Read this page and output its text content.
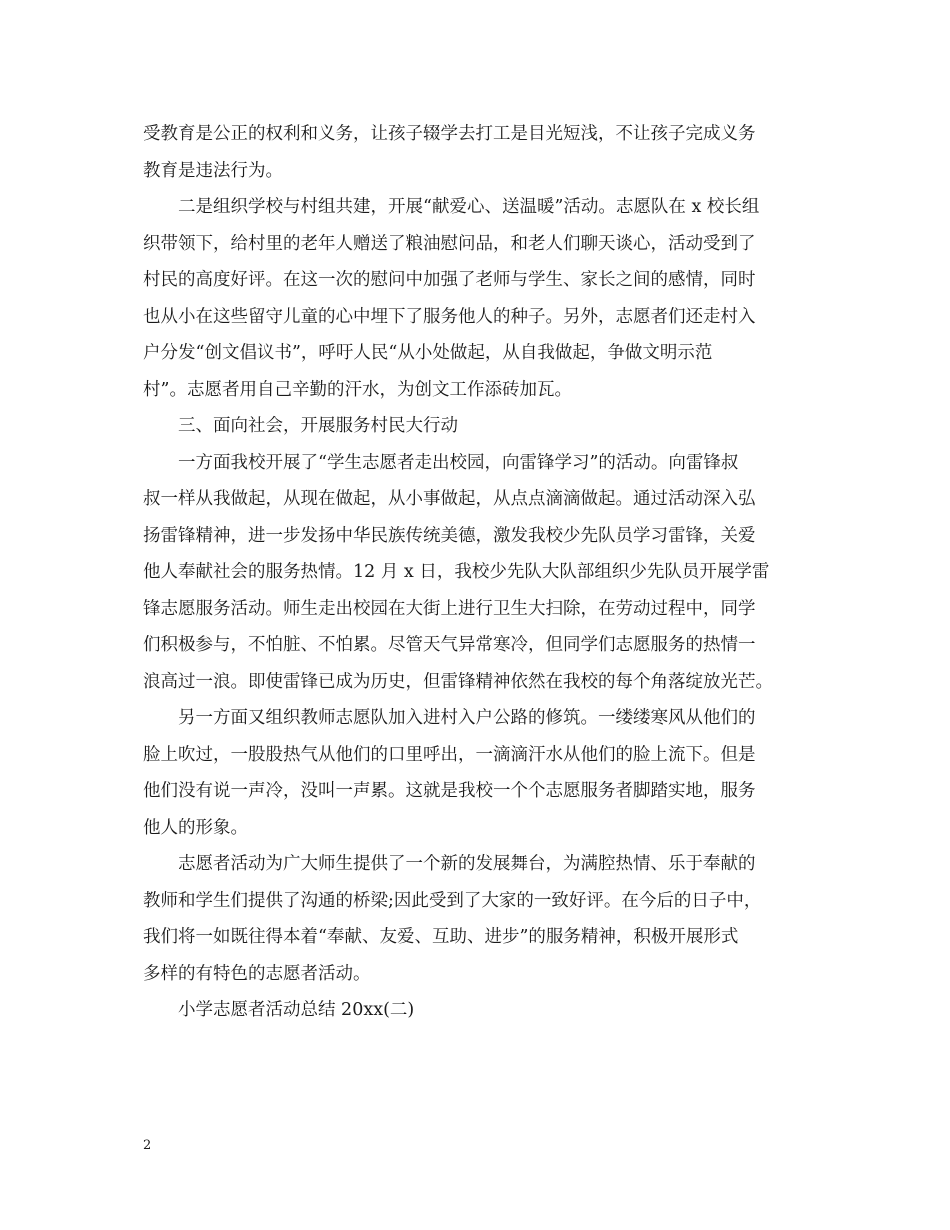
受教育是公正的权利和义务，让孩子辍学去打工是目光短浅，不让孩子完成义务
教育是违法行为。
二是组织学校与村组共建，开展“献爱心、送温暖”活动。志愿队在 x 校长组
织带领下，给村里的老年人赠送了粮油慰问品，和老人们聊天谈心，活动受到了
村民的高度好评。在这一次的慰问中加强了老师与学生、家长之间的感情，同时
也从小在这些留守儿童的心中埋下了服务他人的种子。另外，志愿者们还走村入
户分发“创文倡议书”，呼吁人民“从小处做起，从自我做起，争做文明示范
村”。志愿者用自己辛勤的汗水，为创文工作添砖加瓦。
三、面向社会，开展服务村民大行动
一方面我校开展了“学生志愿者走出校园，向雷锋学习”的活动。向雷锋叔
叔一样从我做起，从现在做起，从小事做起，从点点滴滴做起。通过活动深入弘
扬雷锋精神，进一步发扬中华民族传统美德，激发我校少先队员学习雷锋，关爱
他人奉献社会的服务热情。12 月 x 日，我校少先队大队部组织少先队员开展学雷
锋志愿服务活动。师生走出校园在大街上进行卫生大扫除，在劳动过程中，同学
们积极参与，不怕脏、不怕累。尽管天气异常寒冷，但同学们志愿服务的热情一
浪高过一浪。即使雷锋已成为历史，但雷锋精神依然在我校的每个角落绽放光芒。
另一方面又组织教师志愿队加入进村入户公路的修筑。一缕缕寒风从他们的
脸上吹过，一股股热气从他们的口里呼出，一滴滴汗水从他们的脸上流下。但是
他们没有说一声冷，没叫一声累。这就是我校一个个志愿服务者脚踏实地，服务
他人的形象。
志愿者活动为广大师生提供了一个新的发展舞台，为满腔热情、乐于奉献的
教师和学生们提供了沟通的桥梁;因此受到了大家的一致好评。在今后的日子中，
我们将一如既往得本着“奉献、友爱、互助、进步”的服务精神，积极开展形式
多样的有特色的志愿者活动。
小学志愿者活动总结 20xx(二)
2
